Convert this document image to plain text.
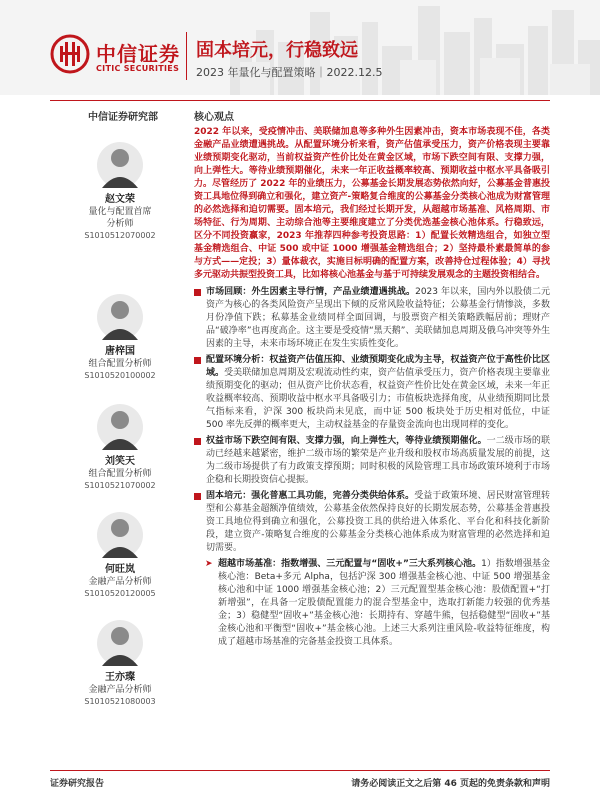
中信证券
CITIC SECURITIES
固本培元，行稳致远
2023 年量化与配置策略｜2022.12.5
中信证券研究部	核心观点
赵文荣
量化与配置首席
分析师
S1010512070002
唐梓国
组合配置分析师
S1010520100002
刘笑天
组合配置分析师
S1010521070002
何旺岚
金融产品分析师
S1010520120005
王亦璨
金融产品分析师
S1010521080003

2022 年以来，受疫情冲击、美联储加息等多种外生因素冲击，资本市场表现不佳，各类金融产品业绩遭遇挑战。从配置环境分析来看，资产估值承受压力，资产价格表现主要靠业绩预期变化驱动，当前权益资产性价比处在黄金区域，市场下跌空间有限、支撑力强，向上弹性大。等待业绩预期催化，未来一年正收益概率较高、预期收益中枢水平具备吸引力。尽管经历了 2022 年的业绩压力，公募基金长期发展态势依然向好，公募基金普惠投资工具地位得到确立和强化，建立资产-策略复合维度的公募基金分类核心池成为财富管理的必然选择和迫切需要。固本培元，我们经过长期开发，从超越市场基准、风格周期、市场特征、行为周期、主动综合池等主要维度建立了分类优选基金核心池体系。行稳致远，区分不同投资赢家，2023 年推荐四种参考投资思路：1）配置长效精选组合，如独立型基金精选组合、中证 500 或中证 1000 增强基金精选组合；2）坚持最朴素最简单的参与方式——定投；3）量体裁衣，实施目标明确的配置方案，改善持仓过程体验；4）寻找多元驱动共振型投资工具，比如将核心池基金与基于可持续发展观念的主题投资相结合。

市场回顾：外生因素主导行情，产品业绩遭遇挑战。2023 年以来，国内外以股债二元资产为核心的各类风险资产呈现出下倾的反常风险收益特征；公募基金行情惨淡，多数月份净值下跌；私募基金业绩同样全面回调，与股票资产相关策略跌幅居前；理财产品“破净率”也再度高企。这主要是受疫情“黑天鹅”、美联储加息周期及俄乌冲突等外生因素的主导，未来市场环境正在发生实质性变化。
配置环境分析：权益资产估值压抑、业绩预期变化成为主导，权益资产位于高性价比区域。受美联储加息周期及宏观流动性约束，资产估值承受压力，资产价格表现主要靠业绩预期变化的驱动；但从资产比价状态看，权益资产性价比处在黄金区域，未来一年正收益概率较高、预期收益中枢水平具备吸引力；市值板块选择角度，从业绩预期同比景气指标来看，沪深 300 板块尚未见底，而中证 500 板块处于历史相对低位，中证 500 率先反弹的概率更大，主动权益基金的存量资金流向也出现同样的变化。
权益市场下跌空间有限、支撑力强，向上弹性大，等待业绩预期催化。一二级市场的联动已经越来越紧密，维护二级市场的繁荣是产业升级和股权市场高质量发展的前提，这为二级市场提供了有力政策支撑预期；同时积极的风险管理工具市场政策环境利于市场企稳和长期投资信心提振。
固本培元：强化普惠工具功能，完善分类供给体系。受益于政策环境、居民财富管理转型和公募基金超额净值绩效，公募基金依然保持良好的长期发展态势，公募基金普惠投资工具地位得到确立和强化，公募投资工具的供给进入体系化、平台化和科技化新阶段，建立资产-策略复合维度的公募基金分类核心池体系成为财富管理的必然选择和迫切需要。
➤ 超越市场基准：指数增强、三元配置与“固收+”三大系列核心池。1）指数增强基金核心池：Beta+多元 Alpha，包括沪深 300 增强基金核心池、中证 500 增强基金核心池和中证 1000 增强基金核心池；2）三元配置型基金核心池：股债配置+“打新增强”，在具备一定股债配置能力的混合型基金中，选取打新能力较强的优秀基金；3）稳健型“固收+”基金核心池：长期持有、穿越牛熊，包括稳健型“固收+”基金核心池和平衡型“固收+”基金核心池。上述三大系列注重风险-收益特征维度，构成了超越市场基准的完备基金投资工具体系。
证券研究报告	请务必阅读正文之后第 46 页起的免责条款和声明
